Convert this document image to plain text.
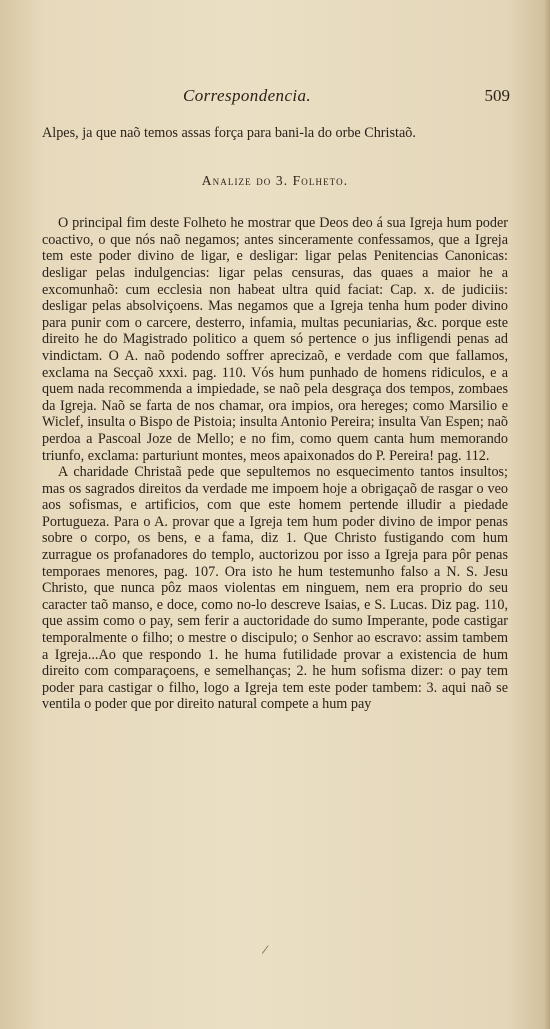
Correspondencia.	509

Alpes, ja que naõ temos assas força para bani-la do orbe Christaõ.

Analize do 3. Folheto.

O principal fim deste Folheto he mostrar que Deos deo á sua Igreja hum poder coactivo, o que nós naõ negamos; antes sinceramente confessamos, que a Igreja tem este poder divino de ligar, e desligar: ligar pelas Penitencias Canonicas: desligar pelas indulgencias: ligar pelas censuras, das quaes a maior he a excomunhaõ: cum ecclesia non habeat ultra quid faciat: Cap. x. de judiciis: desligar pelas absolviçoens. Mas negamos que a Igreja tenha hum poder divino para punir com o carcere, desterro, infamia, multas pecuniarias, &c. porque este direito he do Magistrado politico a quem só pertence o jus infligendi penas ad vindictam. O A. naõ podendo soffrer aprecizaõ, e verdade com que fallamos, exclama na Secçaõ xxxi. pag. 110. Vós hum punhado de homens ridiculos, e a quem nada recommenda a impiedade, se naõ pela desgraça dos tempos, zombaes da Igreja. Naõ se farta de nos chamar, ora impios, ora hereges; como Marsilio e Wiclef, insulta o Bispo de Pistoia; insulta Antonio Pereira; insulta Van Espen; naõ perdoa a Pascoal Joze de Mello; e no fim, como quem canta hum memorando triunfo, exclama: parturiunt montes, meos apaixonados do P. Pereira! pag. 112.

A charidade Christaã pede que sepultemos no esquecimento tantos insultos; mas os sagrados direitos da verdade me impoem hoje a obrigaçaõ de rasgar o veo aos sofismas, e artificios, com que este homem pertende illudir a piedade Portugueza. Para o A. provar que a Igreja tem hum poder divino de impor penas sobre o corpo, os bens, e a fama, diz 1. Que Christo fustigando com hum zurrague os profanadores do templo, auctorizou por isso a Igreja para pôr penas temporaes menores, pag. 107. Ora isto he hum testemunho falso a N. S. Jesu Christo, que nunca pôz maos violentas em ninguem, nem era proprio do seu caracter taõ manso, e doce, como no-lo descreve Isaias, e S. Lucas. Diz pag. 110, que assim como o pay, sem ferir a auctoridade do sumo Imperante, pode castigar temporalmente o filho; o mestre o discipulo; o Senhor ao escravo: assim tambem a Igreja...Ao que respondo 1. he huma futilidade provar a existencia de hum direito com comparaçoens, e semelhanças; 2. he hum sofisma dizer: o pay tem poder para castigar o filho, logo a Igreja tem este poder tambem: 3. aqui naõ se ventila o poder que por direito natural compete a hum pay

/
